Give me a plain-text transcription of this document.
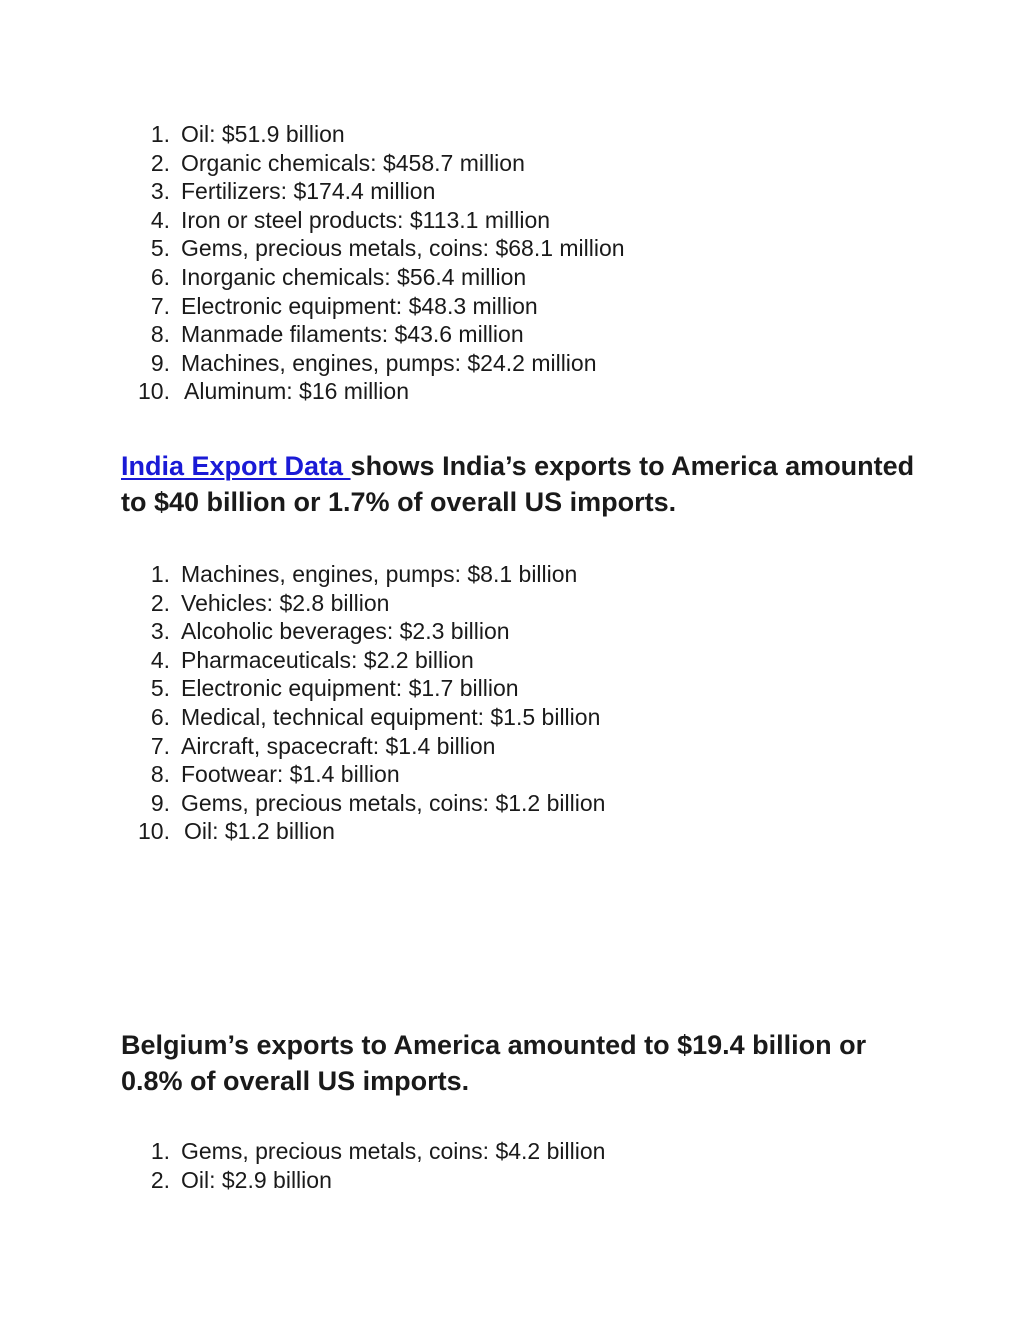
1. Oil: $51.9 billion
2. Organic chemicals: $458.7 million
3. Fertilizers: $174.4 million
4. Iron or steel products: $113.1 million
5. Gems, precious metals, coins: $68.1 million
6. Inorganic chemicals: $56.4 million
7. Electronic equipment: $48.3 million
8. Manmade filaments: $43.6 million
9. Machines, engines, pumps: $24.2 million
10. Aluminum: $16 million
India Export Data shows India’s exports to America amounted to $40 billion or 1.7% of overall US imports.
1. Machines, engines, pumps: $8.1 billion
2. Vehicles: $2.8 billion
3. Alcoholic beverages: $2.3 billion
4. Pharmaceuticals: $2.2 billion
5. Electronic equipment: $1.7 billion
6. Medical, technical equipment: $1.5 billion
7. Aircraft, spacecraft: $1.4 billion
8. Footwear: $1.4 billion
9. Gems, precious metals, coins: $1.2 billion
10. Oil: $1.2 billion
Belgium’s exports to America amounted to $19.4 billion or 0.8% of overall US imports.
1. Gems, precious metals, coins: $4.2 billion
2. Oil: $2.9 billion
